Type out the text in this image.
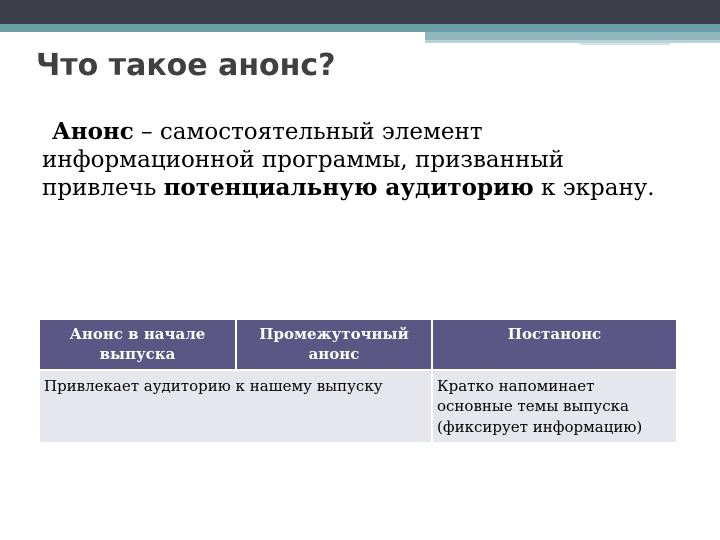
Что такое анонс?

Анонс – самостоятельный элемент информационной программы, призванный привлечь потенциальную аудиторию к экрану.

Анонс в начале выпуска	Промежуточный анонс	Постанонс
Привлекает аудиторию к нашему выпуску		Кратко напоминает основные темы выпуска (фиксирует информацию)
